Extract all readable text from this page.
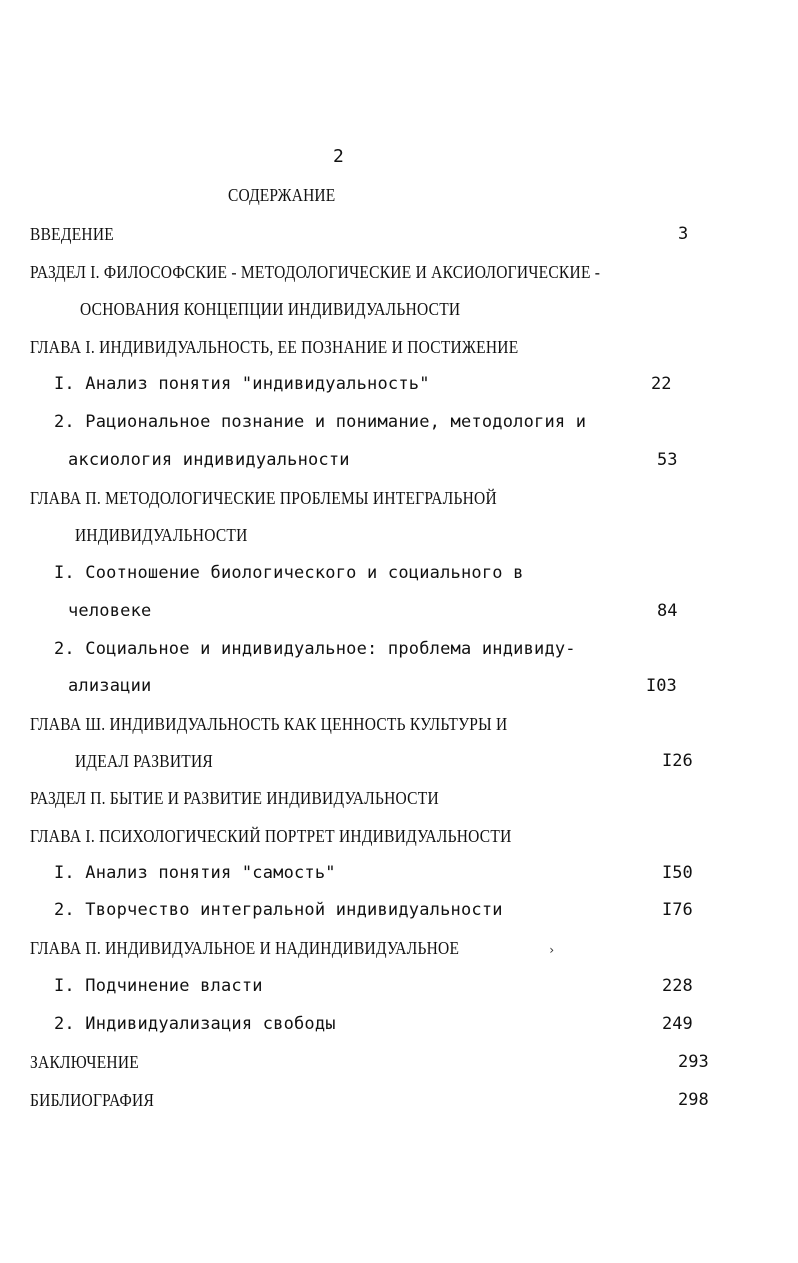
2
СОДЕРЖАНИЕ
ВВЕДЕНИЕ	3
РАЗДЕЛ I. ФИЛОСОФСКИЕ - МЕТОДОЛОГИЧЕСКИЕ И АКСИОЛОГИЧЕСКИЕ -
ОСНОВАНИЯ КОНЦЕПЦИИ ИНДИВИДУАЛЬНОСТИ
ГЛАВА I. ИНДИВИДУАЛЬНОСТЬ, ЕЕ ПОЗНАНИЕ И ПОСТИЖЕНИЕ
I. Анализ понятия "индивидуальность"	22
2. Рациональное познание и понимание, методология и
аксиология индивидуальности	53
ГЛАВА П. МЕТОДОЛОГИЧЕСКИЕ ПРОБЛЕМЫ ИНТЕГРАЛЬНОЙ
ИНДИВИДУАЛЬНОСТИ
I. Соотношение биологического и социального в
человеке	84
2. Социальное и индивидуальное: проблема индивиду-
ализации	I03
ГЛАВА Ш. ИНДИВИДУАЛЬНОСТЬ КАК ЦЕННОСТЬ КУЛЬТУРЫ И
ИДЕАЛ РАЗВИТИЯ	I26
РАЗДЕЛ П. БЫТИЕ И РАЗВИТИЕ ИНДИВИДУАЛЬНОСТИ
ГЛАВА I. ПСИХОЛОГИЧЕСКИЙ ПОРТРЕТ ИНДИВИДУАЛЬНОСТИ
I. Анализ понятия "самость"	I50
2. Творчество интегральной индивидуальности	I76
ГЛАВА П. ИНДИВИДУАЛЬНОЕ И НАДИНДИВИДУАЛЬНОЕ	›
I. Подчинение власти	228
2. Индивидуализация свободы	249
ЗАКЛЮЧЕНИЕ	293
БИБЛИОГРАФИЯ	298
